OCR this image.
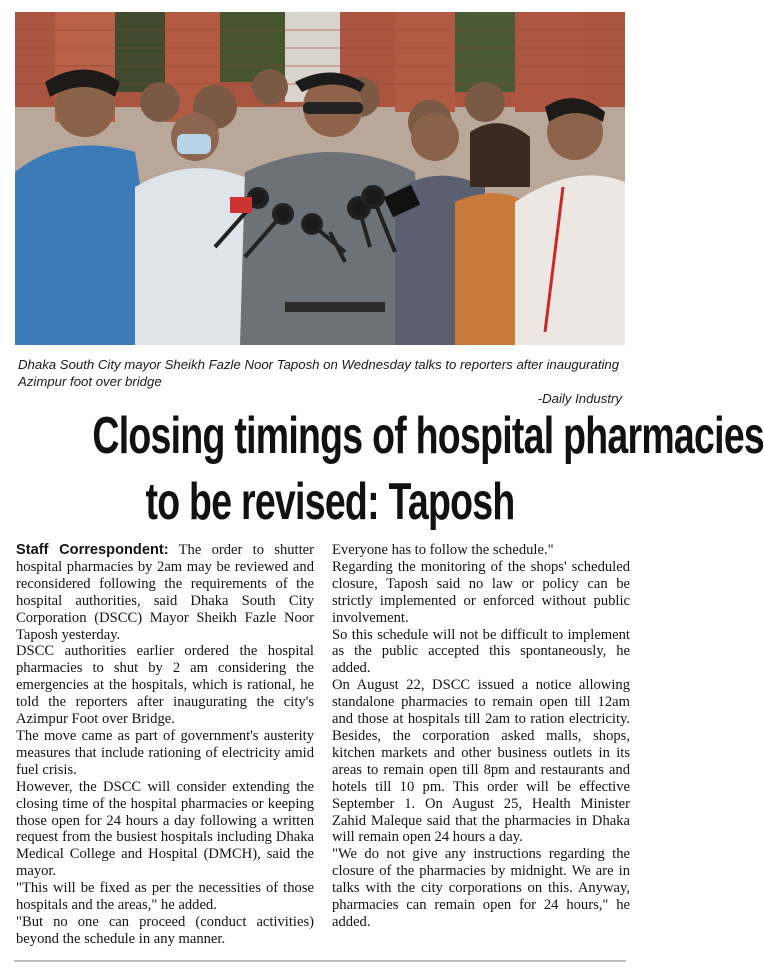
Dhaka South City mayor Sheikh Fazle Noor Taposh on Wednesday talks to reporters after inaugurating Azimpur foot over bridge
-Daily Industry
Closing timings of hospital pharmacies
to be revised: Taposh

Staff Correspondent: The order to shutter hospital pharmacies by 2am may be reviewed and reconsidered following the requirements of the hospital authorities, said Dhaka South City Corporation (DSCC) Mayor Sheikh Fazle Noor Taposh yesterday.

DSCC authorities earlier ordered the hospital pharmacies to shut by 2 am considering the emergencies at the hospitals, which is rational, he told the reporters after inaugurating the city's Azimpur Foot over Bridge.

The move came as part of government's austerity measures that include rationing of electricity amid fuel crisis.

However, the DSCC will consider extending the closing time of the hospital pharmacies or keeping those open for 24 hours a day following a written request from the busiest hospitals including Dhaka Medical College and Hospital (DMCH), said the mayor.

"This will be fixed as per the necessities of those hospitals and the areas," he added.

"But no one can proceed (conduct activities) beyond the schedule in any manner.

Everyone has to follow the schedule."

Regarding the monitoring of the shops' scheduled closure, Taposh said no law or policy can be strictly implemented or enforced without public involvement.

So this schedule will not be difficult to implement as the public accepted this spontaneously, he added.

On August 22, DSCC issued a notice allowing standalone pharmacies to remain open till 12am and those at hospitals till 2am to ration electricity. Besides, the corporation asked malls, shops, kitchen markets and other business outlets in its areas to remain open till 8pm and restaurants and hotels till 10 pm. This order will be effective September 1. On August 25, Health Minister Zahid Maleque said that the pharmacies in Dhaka will remain open 24 hours a day.

"We do not give any instructions regarding the closure of the pharmacies by midnight. We are in talks with the city corporations on this. Anyway, pharmacies can remain open for 24 hours," he added.
